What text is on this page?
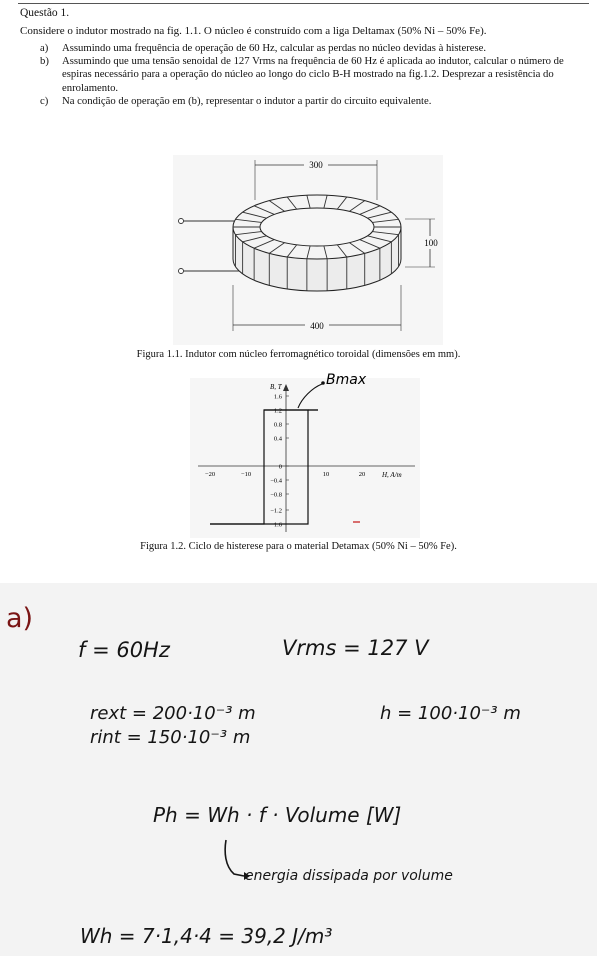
Questão 1.
Considere o indutor mostrado na fig. 1.1. O núcleo é construído com a liga Deltamax (50% Ni – 50% Fe).
a) Assumindo uma frequência de operação de 60 Hz, calcular as perdas no núcleo devidas à histerese.
b) Assumindo que uma tensão senoidal de 127 Vrms na frequência de 60 Hz é aplicada ao indutor, calcular o número de espiras necessário para a operação do núcleo ao longo do ciclo B-H mostrado na fig.1.2. Desprezar a resistência do enrolamento.
c) Na condição de operação em (b), representar o indutor a partir do circuito equivalente.
300
400
100
Figura 1.1. Indutor com núcleo ferromagnético toroidal (dimensões em mm).
B, T
H, A/m
1.6
1.2
0.8
0.4
0
−0.4
−0.8
−1.2
−1.6
−20	−10	10	20
Bmax
Figura 1.2. Ciclo de histerese para o material Detamax (50% Ni – 50% Fe).
a)
f = 60Hz	Vrms = 127 V
rext = 200·10⁻³ m	h = 100·10⁻³ m
rint = 150·10⁻³ m
Ph = Wh · f · Volume [W]
energia dissipada por volume
Wh = 7·1,4·4 = 39,2 J/m³
